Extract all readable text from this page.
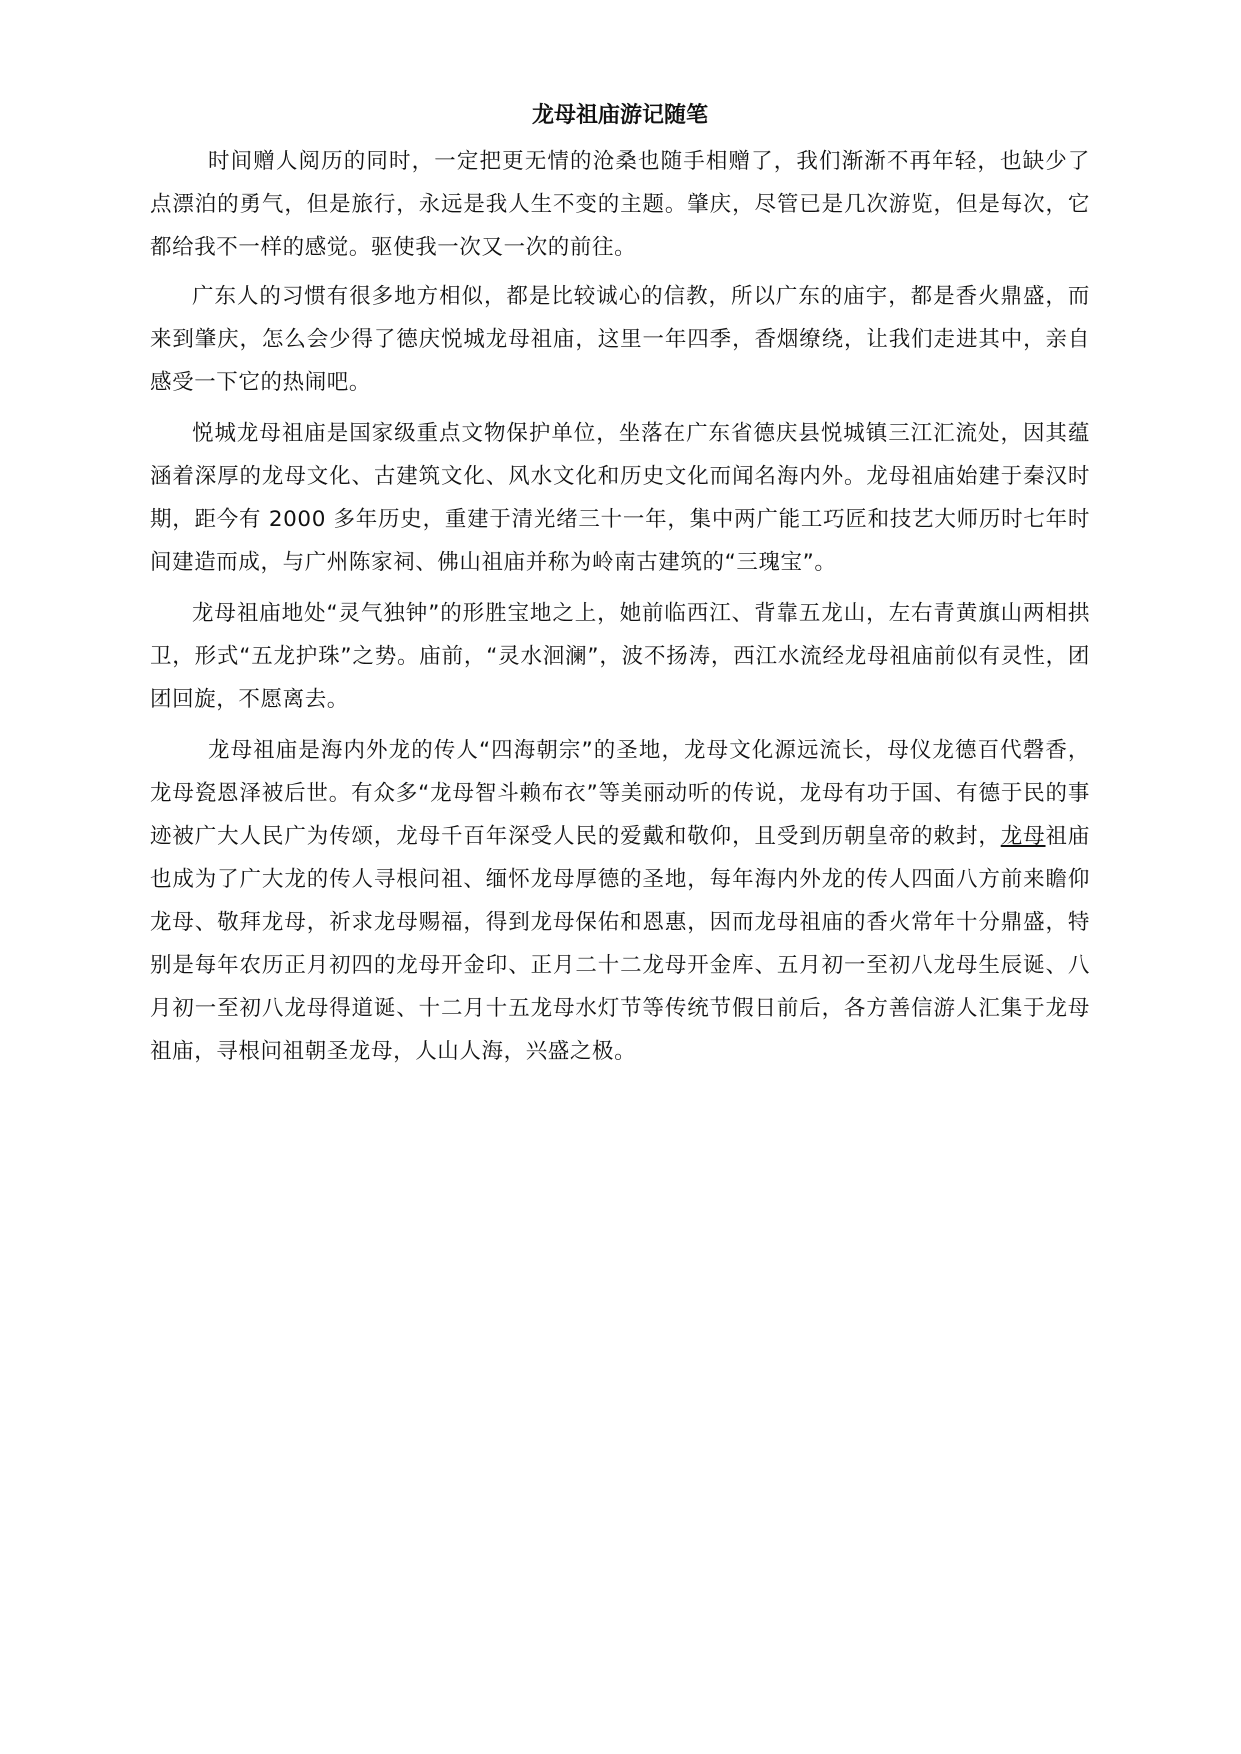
龙母祖庙游记随笔

时间赠人阅历的同时，一定把更无情的沧桑也随手相赠了，我们渐渐不再年轻，也缺少了点漂泊的勇气，但是旅行，永远是我人生不变的主题。肇庆，尽管已是几次游览，但是每次，它都给我不一样的感觉。驱使我一次又一次的前往。

广东人的习惯有很多地方相似，都是比较诚心的信教，所以广东的庙宇，都是香火鼎盛，而来到肇庆，怎么会少得了德庆悦城龙母祖庙，这里一年四季，香烟缭绕，让我们走进其中，亲自感受一下它的热闹吧。

悦城龙母祖庙是国家级重点文物保护单位，坐落在广东省德庆县悦城镇三江汇流处，因其蕴涵着深厚的龙母文化、古建筑文化、风水文化和历史文化而闻名海内外。龙母祖庙始建于秦汉时期，距今有 2000 多年历史，重建于清光绪三十一年，集中两广能工巧匠和技艺大师历时七年时间建造而成，与广州陈家祠、佛山祖庙并称为岭南古建筑的“三瑰宝”。

龙母祖庙地处“灵气独钟”的形胜宝地之上，她前临西江、背靠五龙山，左右青黄旗山两相拱卫，形式“五龙护珠”之势。庙前，“灵水洄澜”，波不扬涛，西江水流经龙母祖庙前似有灵性，团团回旋，不愿离去。

龙母祖庙是海内外龙的传人“四海朝宗”的圣地，龙母文化源远流长，母仪龙德百代磬香，龙母瓷恩泽被后世。有众多“龙母智斗赖布衣”等美丽动听的传说，龙母有功于国、有德于民的事迹被广大人民广为传颂，龙母千百年深受人民的爱戴和敬仰，且受到历朝皇帝的敕封，龙母祖庙也成为了广大龙的传人寻根问祖、缅怀龙母厚德的圣地，每年海内外龙的传人四面八方前来瞻仰龙母、敬拜龙母，祈求龙母赐福，得到龙母保佑和恩惠，因而龙母祖庙的香火常年十分鼎盛，特别是每年农历正月初四的龙母开金印、正月二十二龙母开金库、五月初一至初八龙母生辰诞、八月初一至初八龙母得道诞、十二月十五龙母水灯节等传统节假日前后，各方善信游人汇集于龙母祖庙，寻根问祖朝圣龙母，人山人海，兴盛之极。
